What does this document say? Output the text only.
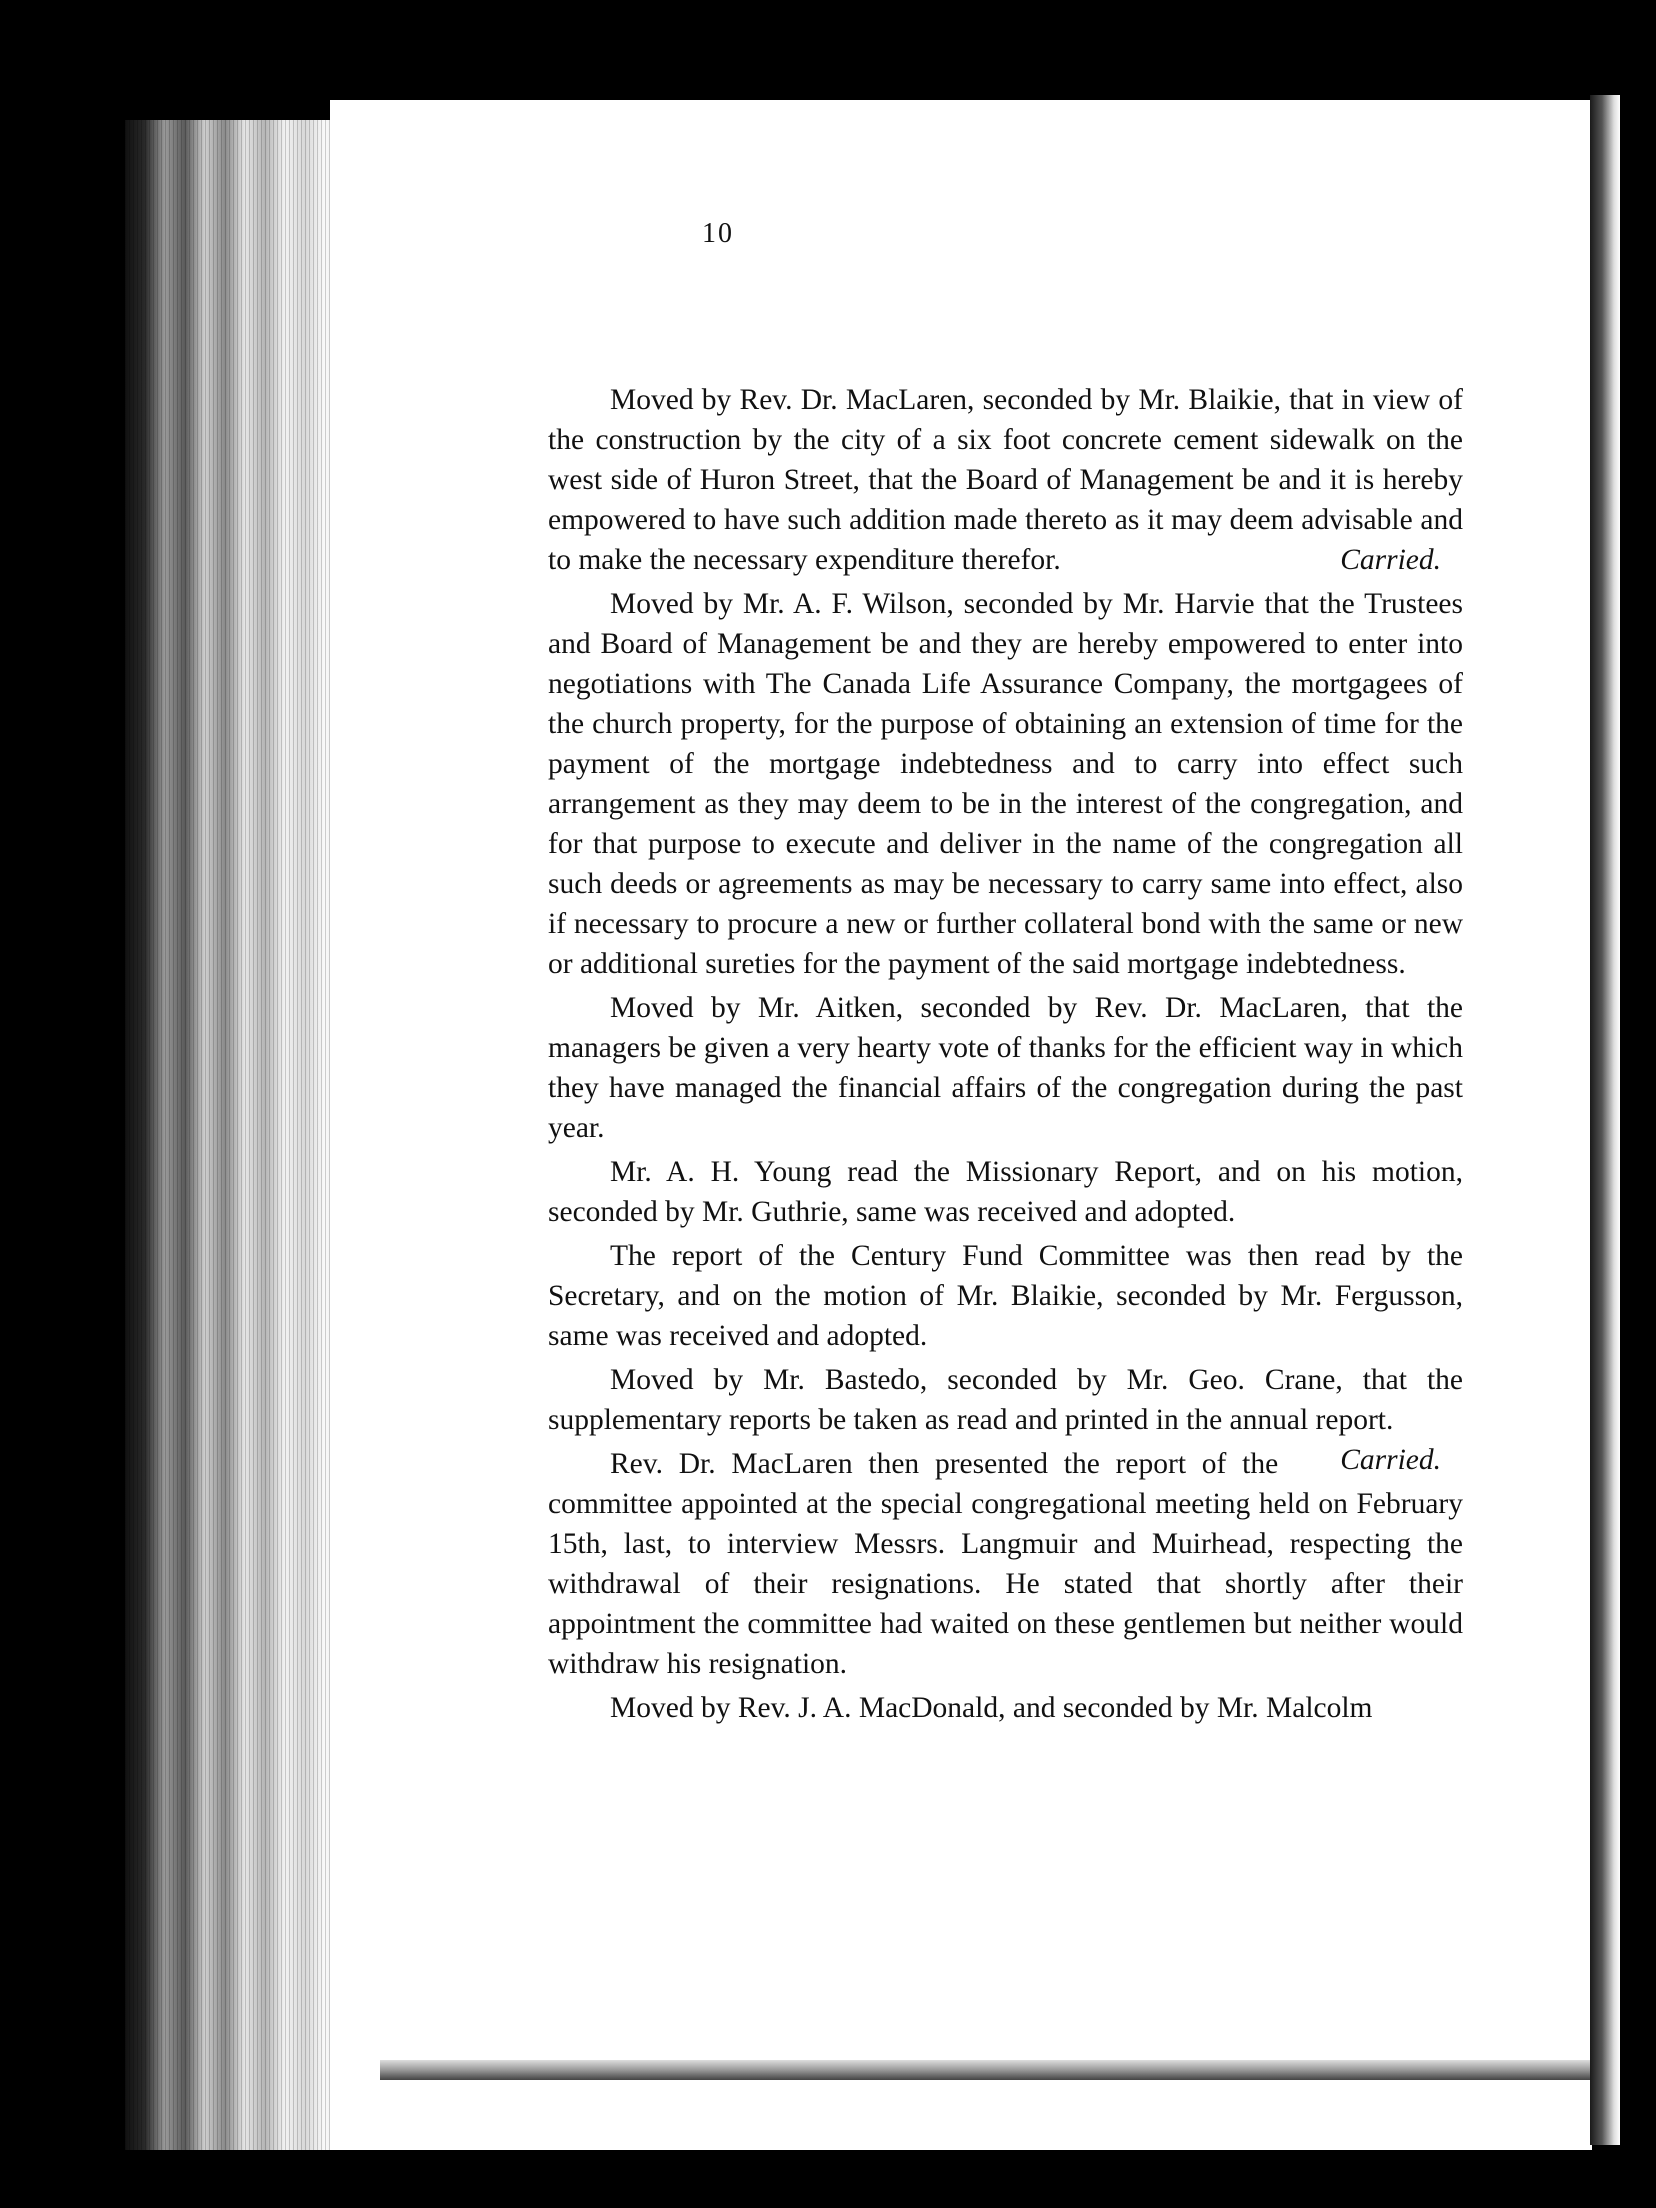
10

Moved by Rev. Dr. MacLaren, seconded by Mr. Blaikie, that in view of the construction by the city of a six foot concrete cement sidewalk on the west side of Huron Street, that the Board of Management be and it is hereby empowered to have such addition made thereto as it may deem advisable and to make the necessary expenditure therefor.	Carried.

Moved by Mr. A. F. Wilson, seconded by Mr. Harvie that the Trustees and Board of Management be and they are hereby empowered to enter into negotiations with The Canada Life Assurance Company, the mortgagees of the church property, for the purpose of obtaining an extension of time for the payment of the mortgage indebtedness and to carry into effect such arrangement as they may deem to be in the interest of the congregation, and for that purpose to execute and deliver in the name of the congregation all such deeds or agreements as may be necessary to carry same into effect, also if necessary to procure a new or further collateral bond with the same or new or additional sureties for the payment of the said mortgage indebtedness.

Moved by Mr. Aitken, seconded by Rev. Dr. MacLaren, that the managers be given a very hearty vote of thanks for the efficient way in which they have managed the financial affairs of the congregation during the past year.

Mr. A. H. Young read the Missionary Report, and on his motion, seconded by Mr. Guthrie, same was received and adopted.

The report of the Century Fund Committee was then read by the Secretary, and on the motion of Mr. Blaikie, seconded by Mr. Fergusson, same was received and adopted.

Moved by Mr. Bastedo, seconded by Mr. Geo. Crane, that the supplementary reports be taken as read and printed in the annual report.
Carried.

Rev. Dr. MacLaren then presented the report of the committee appointed at the special congregational meeting held on February 15th, last, to interview Messrs. Langmuir and Muirhead, respecting the withdrawal of their resignations. He stated that shortly after their appointment the committee had waited on these gentlemen but neither would withdraw his resignation.

Moved by Rev. J. A. MacDonald, and seconded by Mr. Malcolm
